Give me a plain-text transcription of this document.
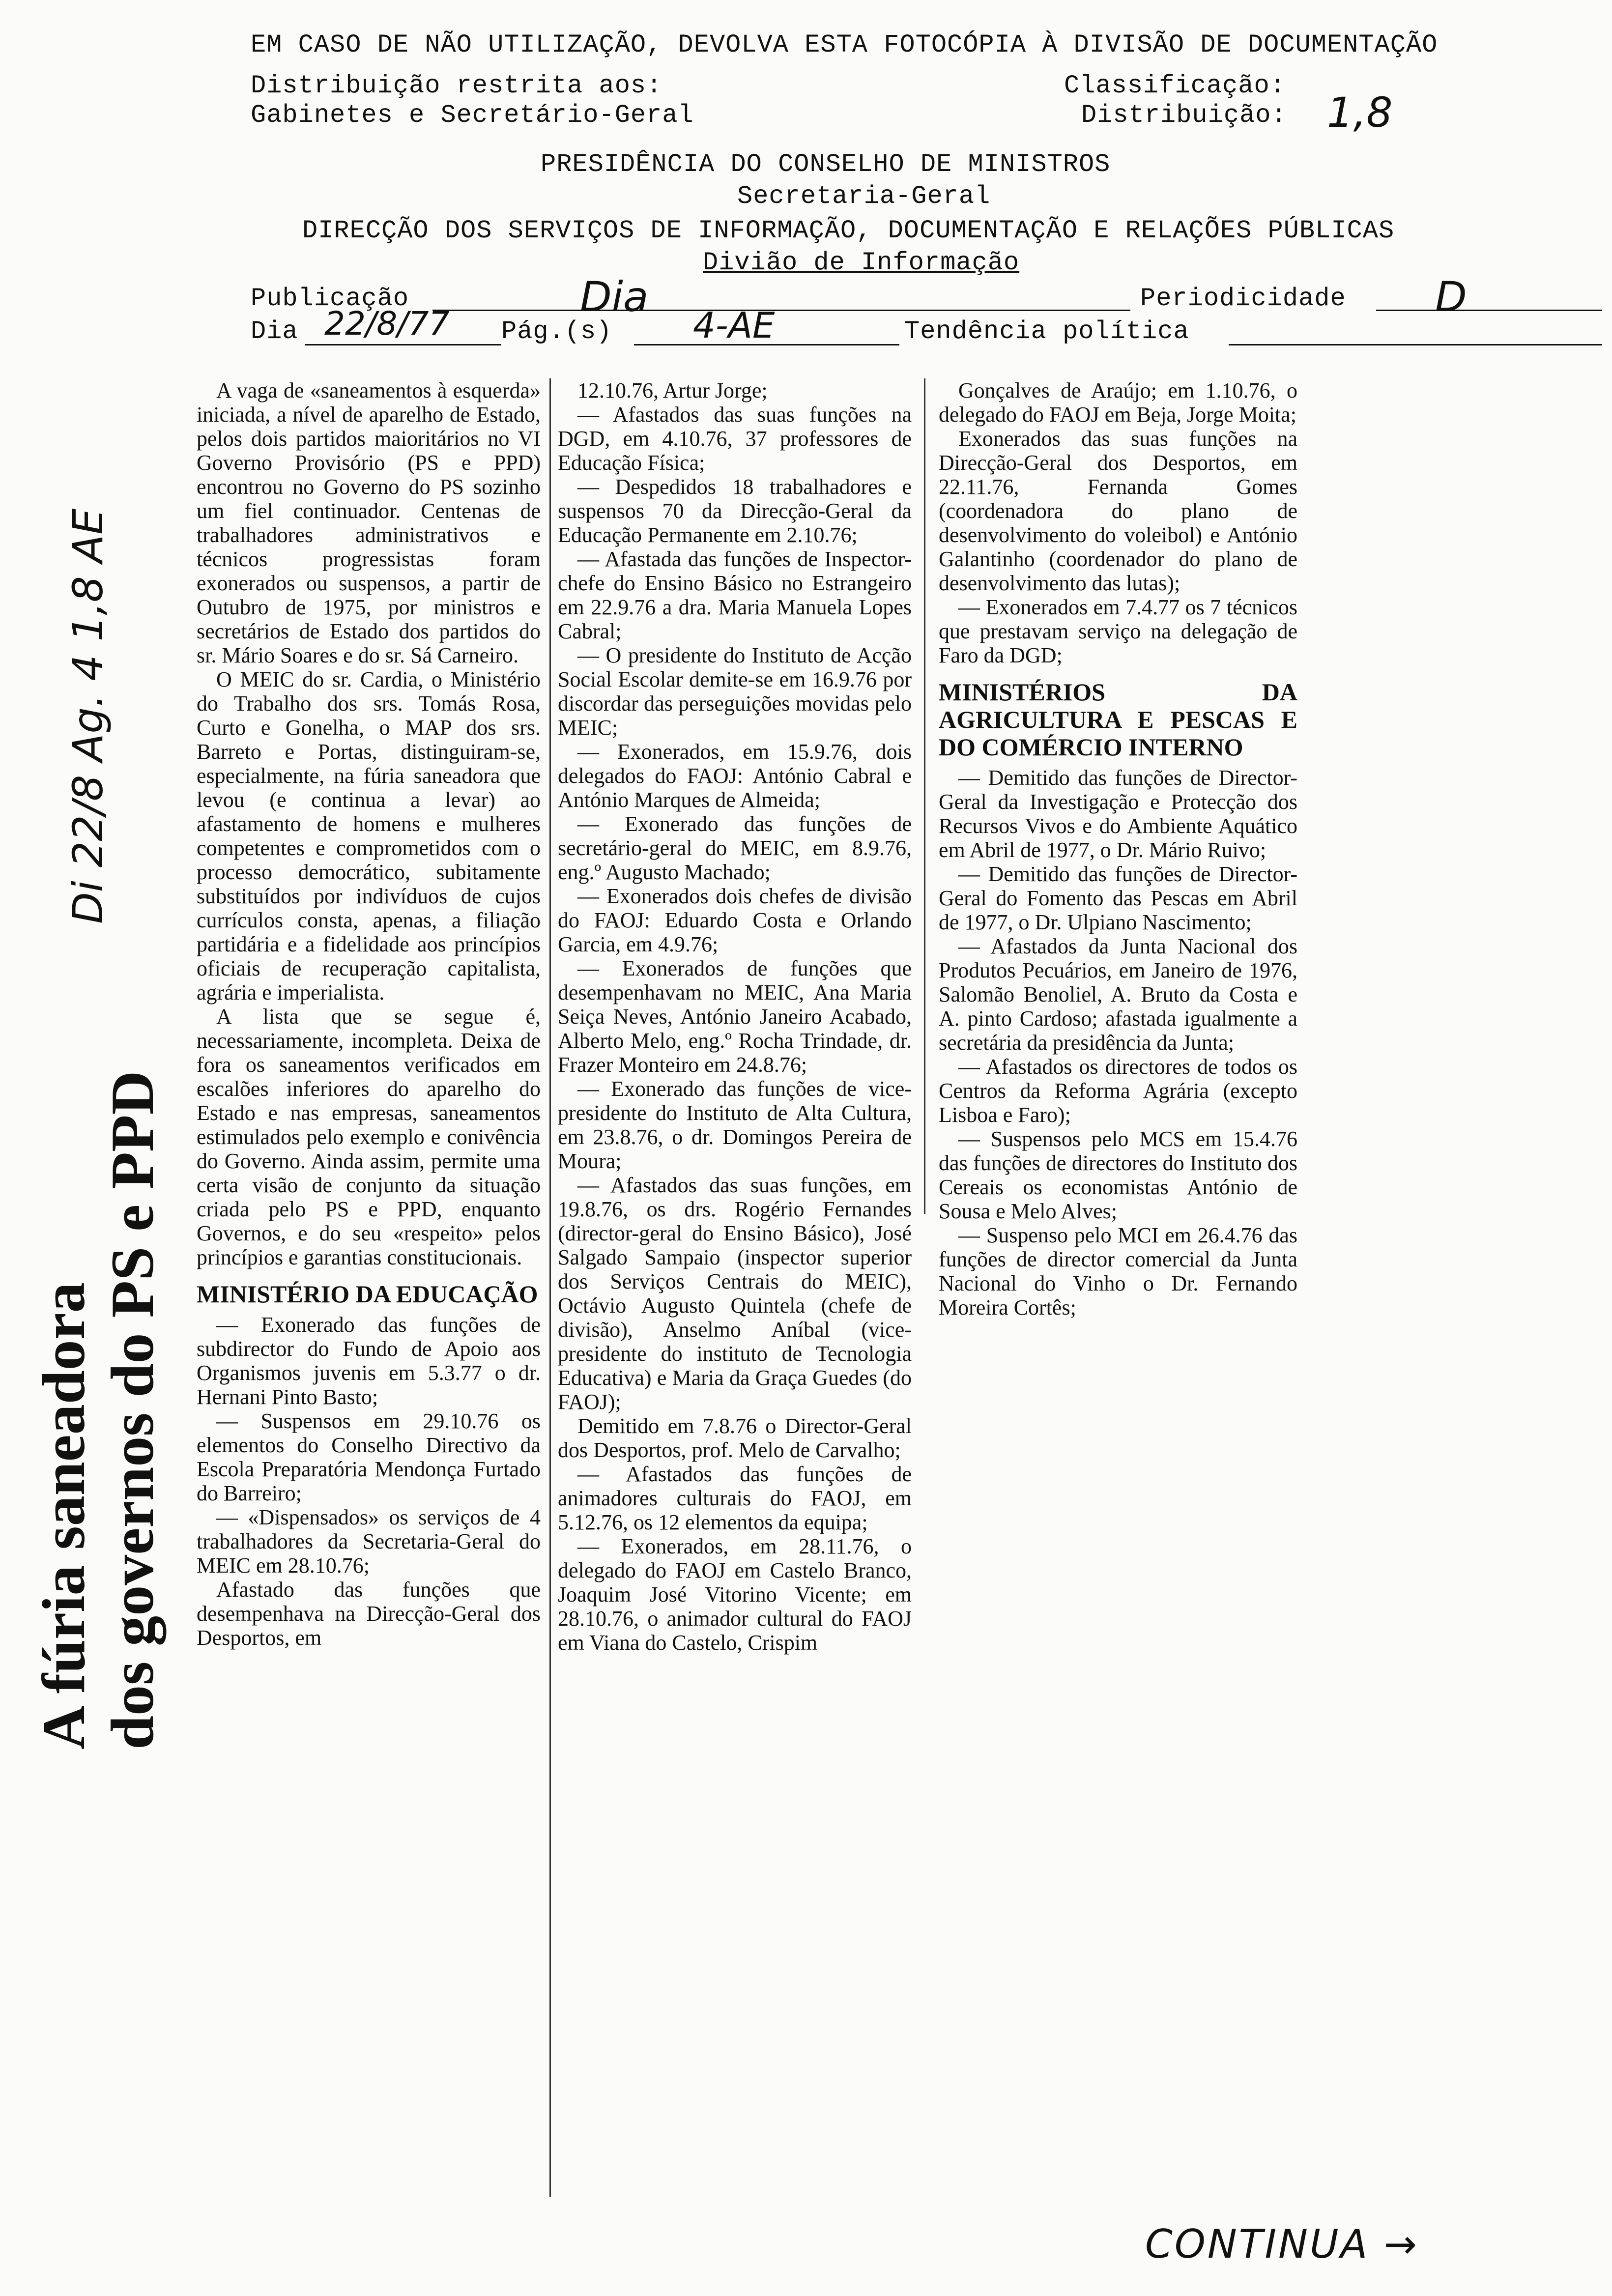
EM CASO DE NÃO UTILIZAÇÃO, DEVOLVA ESTA FOTOCÓPIA À DIVISÃO DE DOCUMENTAÇÃO
Distribuição restrita aos:
Gabinetes e Secretário-Geral
Classificação:
Distribuição: 1,8
PRESIDÊNCIA DO CONSELHO DE MINISTROS
Secretaria-Geral
DIRECÇÃO DOS SERVIÇOS DE INFORMAÇÃO, DOCUMENTAÇÃO E RELAÇÕES PÚBLICAS
Divião de Informação
Publicação	Dia	Periodicidade D
Dia 22/8/77 Pág.(s) 4-AE	Tendência política
A fúria saneadora dos governos do PS e PPD
Di 22/8 Ag. 4 1,8 AE

A vaga de «saneamentos à esquerda» iniciada, a nível de aparelho de Estado, pelos dois partidos maioritários no VI Governo Provisório (PS e PPD) encontrou no Governo do PS sozinho um fiel continuador. Centenas de trabalhadores administrativos e técnicos progressistas foram exonerados ou suspensos, a partir de Outubro de 1975, por ministros e secretários de Estado dos partidos do sr. Mário Soares e do sr. Sá Carneiro.

O MEIC do sr. Cardia, o Ministério do Trabalho dos srs. Tomás Rosa, Curto e Gonelha, o MAP dos srs. Barreto e Portas, distinguiram-se, especialmente, na fúria saneadora que levou (e continua a levar) ao afastamento de homens e mulheres competentes e comprometidos com o processo democrático, subitamente substituídos por indivíduos de cujos currículos consta, apenas, a filiação partidária e a fidelidade aos princípios oficiais de recuperação capitalista, agrária e imperialista.

A lista que se segue é, necessariamente, incompleta. Deixa de fora os saneamentos verificados em escalões inferiores do aparelho do Estado e nas empresas, saneamentos estimulados pelo exemplo e conivência do Governo. Ainda assim, permite uma certa visão de conjunto da situação criada pelo PS e PPD, enquanto Governos, e do seu «respeito» pelos princípios e garantias constitucionais.

MINISTÉRIO DA EDUCAÇÃO

— Exonerado das funções de subdirector do Fundo de Apoio aos Organismos juvenis em 5.3.77 o dr. Hernani Pinto Basto;

— Suspensos em 29.10.76 os elementos do Conselho Directivo da Escola Preparatória Mendonça Furtado do Barreiro;

— «Dispensados» os serviços de 4 trabalhadores da Secretaria-Geral do MEIC em 28.10.76;

Afastado das funções que desempenhava na Direcção-Geral dos Desportos, em

12.10.76, Artur Jorge;

— Afastados das suas funções na DGD, em 4.10.76, 37 professores de Educação Física;

— Despedidos 18 trabalhadores e suspensos 70 da Direcção-Geral da Educação Permanente em 2.10.76;

— Afastada das funções de Inspector-chefe do Ensino Básico no Estrangeiro em 22.9.76 a dra. Maria Manuela Lopes Cabral;

— O presidente do Instituto de Acção Social Escolar demite-se em 16.9.76 por discordar das perseguições movidas pelo MEIC;

— Exonerados, em 15.9.76, dois delegados do FAOJ: António Cabral e António Marques de Almeida;

— Exonerado das funções de secretário-geral do MEIC, em 8.9.76, eng.º Augusto Machado;

— Exonerados dois chefes de divisão do FAOJ: Eduardo Costa e Orlando Garcia, em 4.9.76;

— Exonerados de funções que desempenhavam no MEIC, Ana Maria Seiça Neves, António Janeiro Acabado, Alberto Melo, eng.º Rocha Trindade, dr. Frazer Monteiro em 24.8.76;

— Exonerado das funções de vice-presidente do Instituto de Alta Cultura, em 23.8.76, o dr. Domingos Pereira de Moura;

— Afastados das suas funções, em 19.8.76, os drs. Rogério Fernandes (director-geral do Ensino Básico), José Salgado Sampaio (inspector superior dos Serviços Centrais do MEIC), Octávio Augusto Quintela (chefe de divisão), Anselmo Aníbal (vice-presidente do instituto de Tecnologia Educativa) e Maria da Graça Guedes (do FAOJ);

Demitido em 7.8.76 o Director-Geral dos Desportos, prof. Melo de Carvalho;

— Afastados das funções de animadores culturais do FAOJ, em 5.12.76, os 12 elementos da equipa;

— Exonerados, em 28.11.76, o delegado do FAOJ em Castelo Branco, Joaquim José Vitorino Vicente; em 28.10.76, o animador cultural do FAOJ em Viana do Castelo, Crispim

Gonçalves de Araújo; em 1.10.76, o delegado do FAOJ em Beja, Jorge Moita;

Exonerados das suas funções na Direcção-Geral dos Desportos, em 22.11.76, Fernanda Gomes (coordenadora do plano de desenvolvimento do voleibol) e António Galantinho (coordenador do plano de desenvolvimento das lutas);

— Exonerados em 7.4.77 os 7 técnicos que prestavam serviço na delegação de Faro da DGD;

MINISTÉRIOS DA AGRICULTURA E PESCAS E DO COMÉRCIO INTERNO

— Demitido das funções de Director-Geral da Investigação e Protecção dos Recursos Vivos e do Ambiente Aquático em Abril de 1977, o Dr. Mário Ruivo;

— Demitido das funções de Director-Geral do Fomento das Pescas em Abril de 1977, o Dr. Ulpiano Nascimento;

— Afastados da Junta Nacional dos Produtos Pecuários, em Janeiro de 1976, Salomão Benoliel, A. Bruto da Costa e A. pinto Cardoso; afastada igualmente a secretária da presidência da Junta;

— Afastados os directores de todos os Centros da Reforma Agrária (excepto Lisboa e Faro);

— Suspensos pelo MCS em 15.4.76 das funções de directores do Instituto dos Cereais os economistas António de Sousa e Melo Alves;

— Suspenso pelo MCI em 26.4.76 das funções de director comercial da Junta Nacional do Vinho o Dr. Fernando Moreira Cortês;

CONTINUA →
